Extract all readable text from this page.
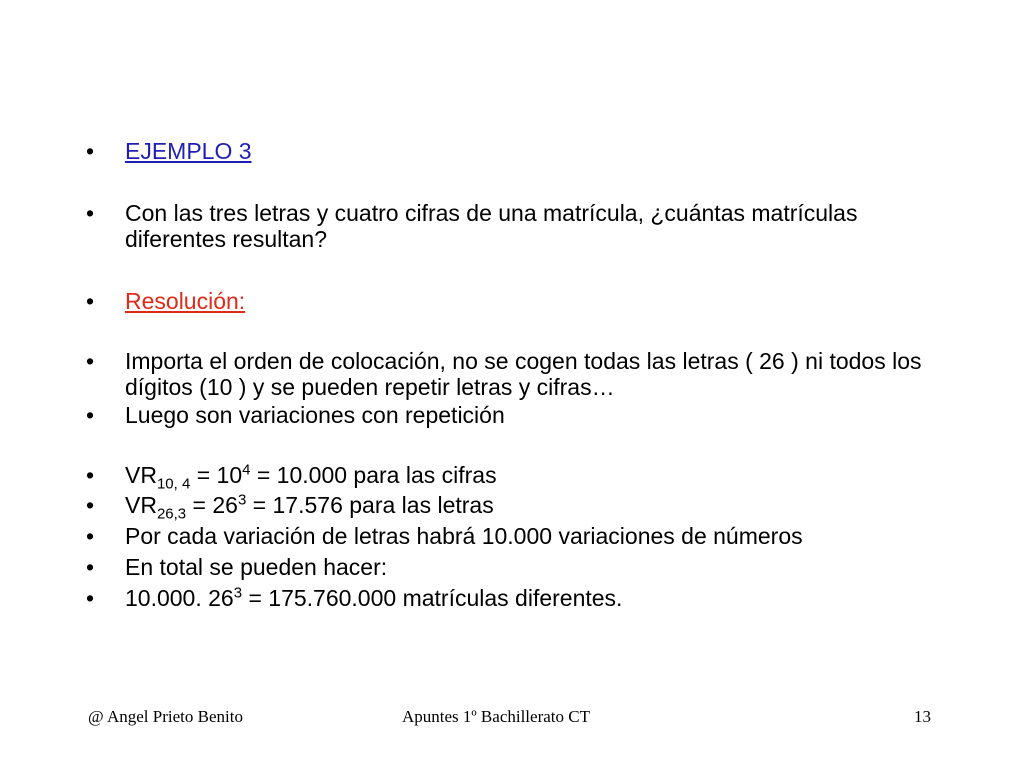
•	EJEMPLO 3
•	Con las tres letras y cuatro cifras de una matrícula, ¿cuántas matrículas diferentes resultan?
•	Resolución:
•	Importa el orden de colocación, no se cogen todas las letras ( 26 ) ni todos los dígitos (10 ) y se pueden repetir letras y cifras…
•	Luego son variaciones con repetición
•	$VR_{10, 4} = 10^4 = 10.000$ para las cifras
•	$VR_{26,3} = 26^3 = 17.576$ para las letras
•	Por cada variación de letras habrá 10.000 variaciones de números
•	En total se pueden hacer:
•	10.000. $26^3 = 175.760.000$ matrículas diferentes.
@ Angel Prieto Benito	Apuntes 1º Bachillerato CT	13
